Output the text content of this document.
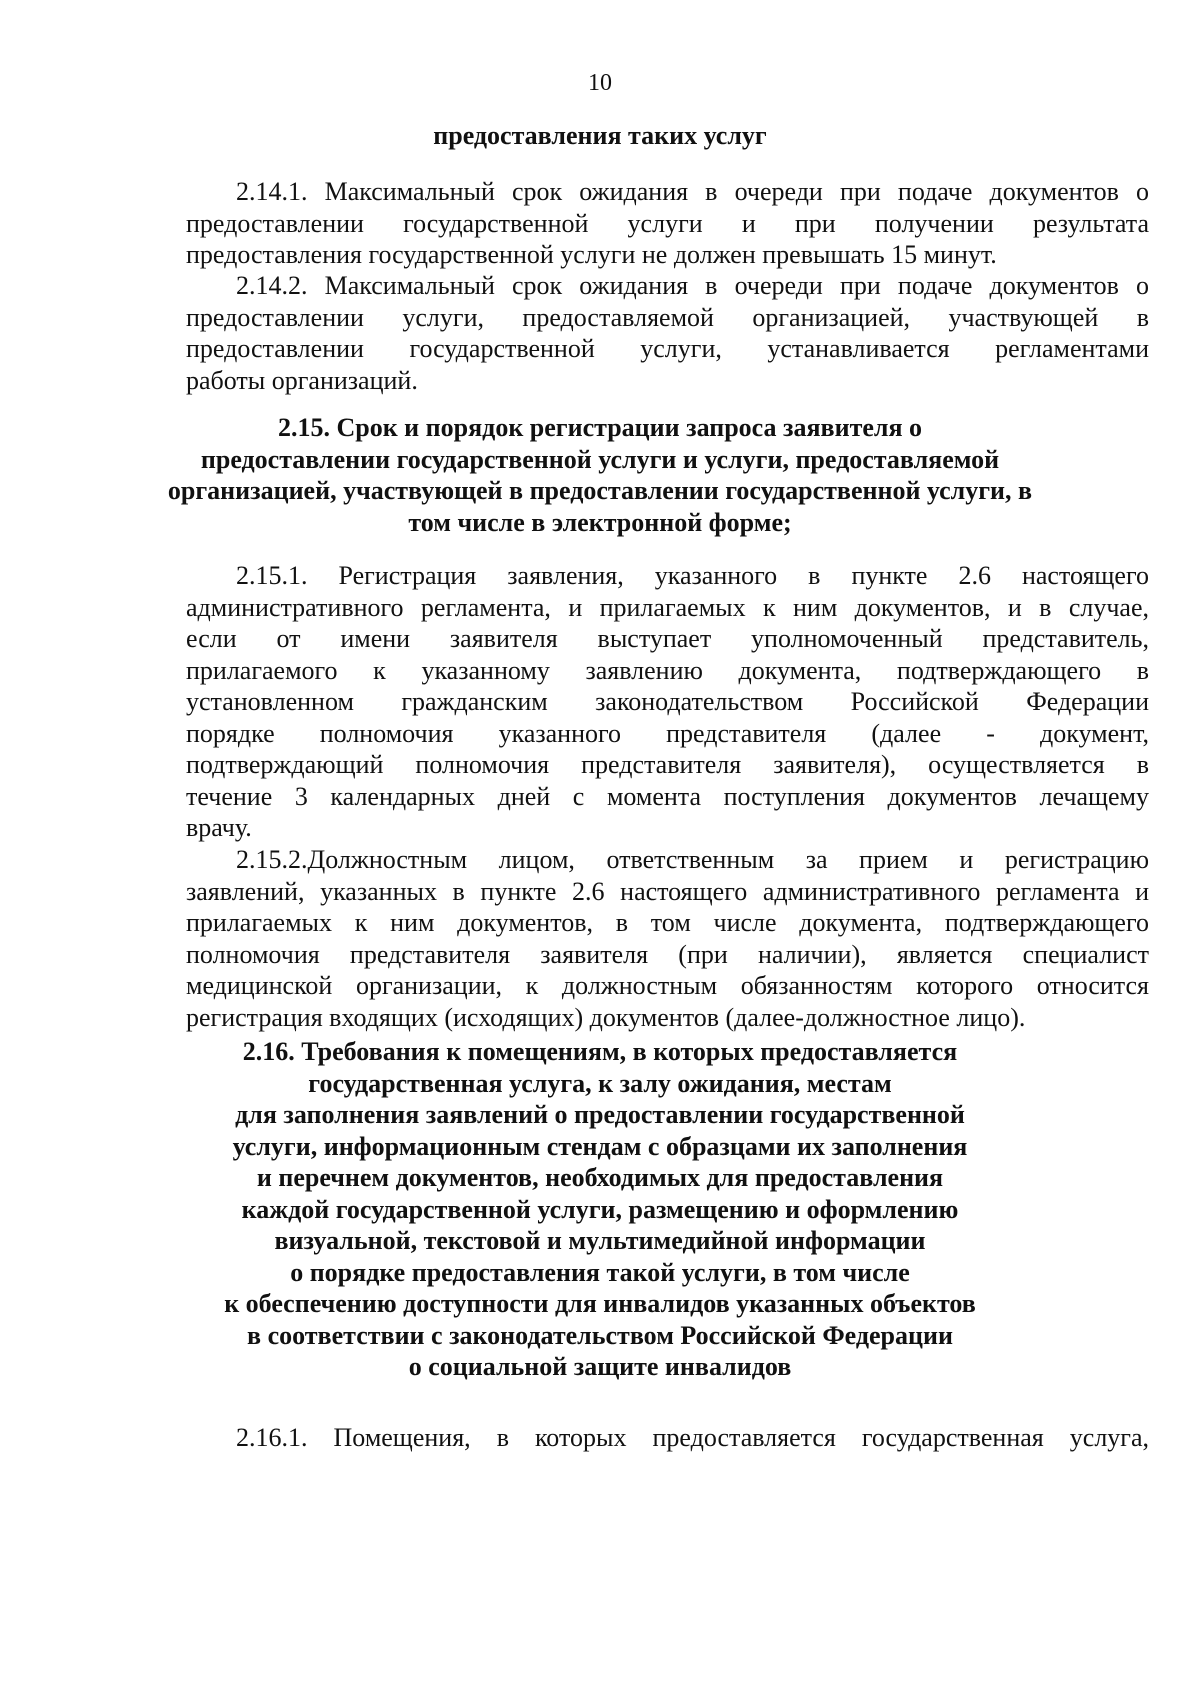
10
предоставления таких услуг
2.14.1. Максимальный срок ожидания в очереди при подаче документов о
предоставлении государственной услуги и при получении результата
предоставления государственной услуги не должен превышать 15 минут.
2.14.2. Максимальный срок ожидания в очереди при подаче документов о
предоставлении услуги, предоставляемой организацией, участвующей в
предоставлении государственной услуги, устанавливается регламентами
работы организаций.
2.15. Срок и порядок регистрации запроса заявителя о
предоставлении государственной услуги и услуги, предоставляемой
организацией, участвующей в предоставлении государственной услуги, в
том числе в электронной форме;
2.15.1. Регистрация заявления, указанного в пункте 2.6 настоящего
административного регламента, и прилагаемых к ним документов, и в случае,
если от имени заявителя выступает уполномоченный представитель,
прилагаемого к указанному заявлению документа, подтверждающего в
установленном гражданским законодательством Российской Федерации
порядке полномочия указанного представителя (далее - документ,
подтверждающий полномочия представителя заявителя), осуществляется в
течение 3 календарных дней с момента поступления документов лечащему
врачу.
2.15.2.Должностным лицом, ответственным за прием и регистрацию
заявлений, указанных в пункте 2.6 настоящего административного регламента и
прилагаемых к ним документов, в том числе документа, подтверждающего
полномочия представителя заявителя (при наличии), является специалист
медицинской организации, к должностным обязанностям которого относится
регистрация входящих (исходящих) документов (далее-должностное лицо).
2.16. Требования к помещениям, в которых предоставляется
государственная услуга, к залу ожидания, местам
для заполнения заявлений о предоставлении государственной
услуги, информационным стендам с образцами их заполнения
и перечнем документов, необходимых для предоставления
каждой государственной услуги, размещению и оформлению
визуальной, текстовой и мультимедийной информации
о порядке предоставления такой услуги, в том числе
к обеспечению доступности для инвалидов указанных объектов
в соответствии с законодательством Российской Федерации
о социальной защите инвалидов
2.16.1. Помещения, в которых предоставляется государственная услуга,
